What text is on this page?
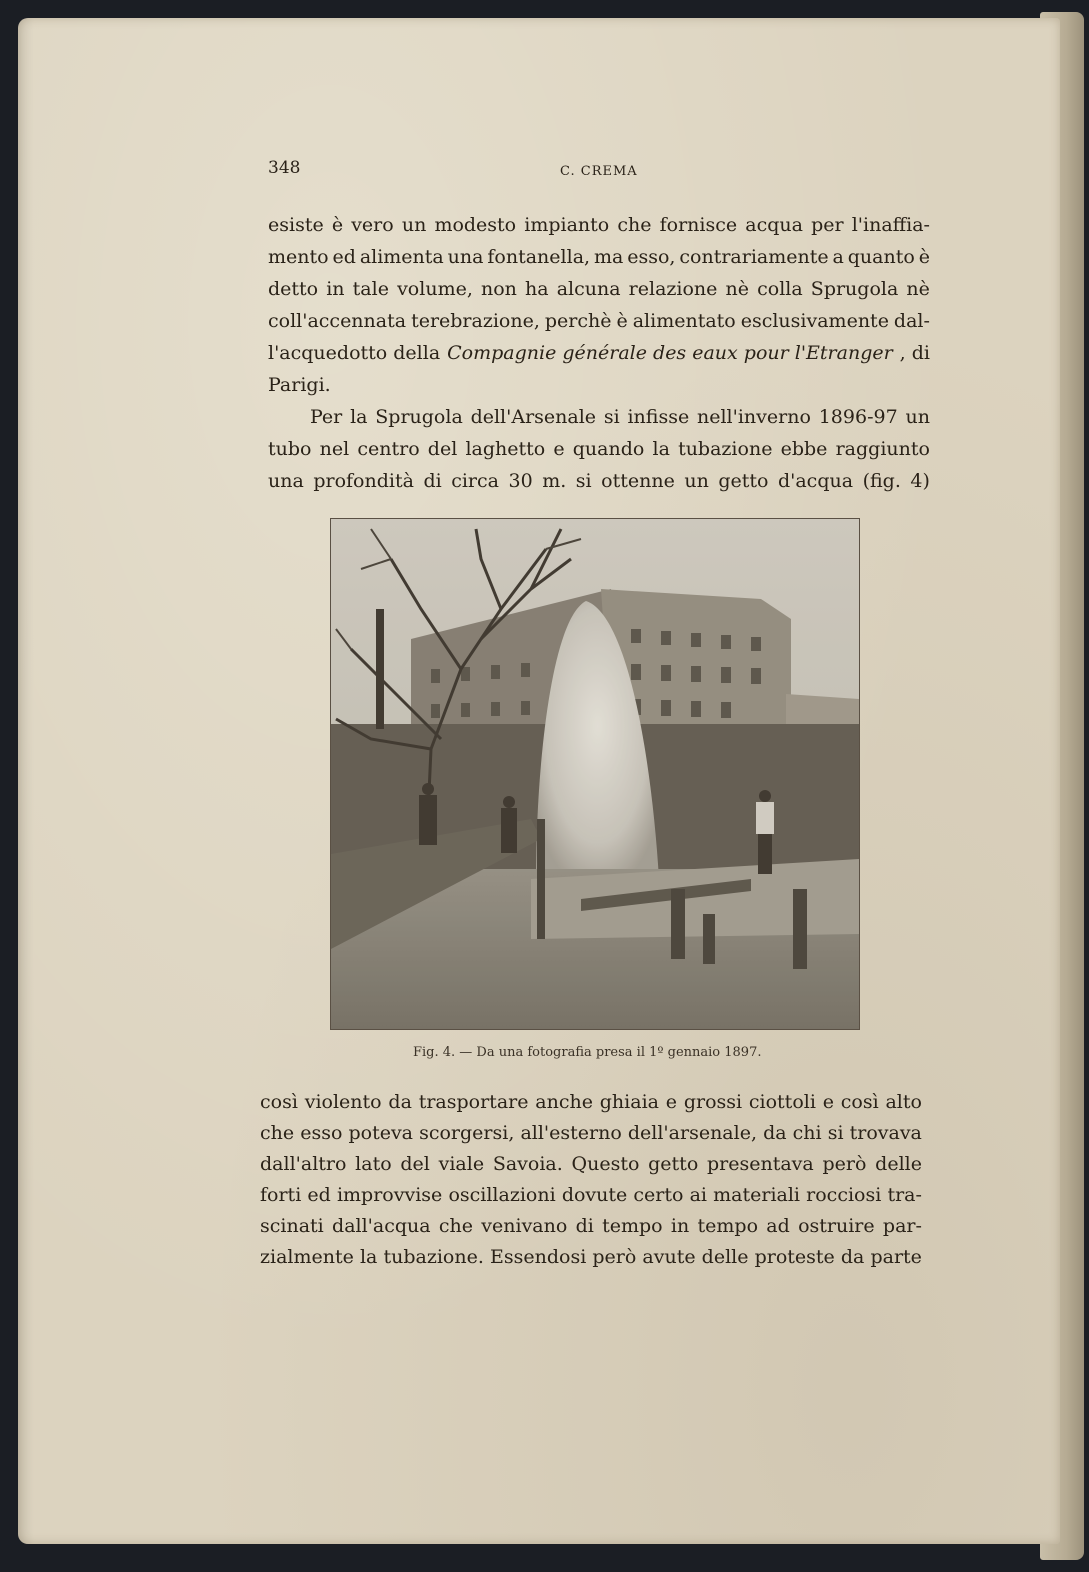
348	C. CREMA

esiste è vero un modesto impianto che fornisce acqua per l'inaffia-
mento ed alimenta una fontanella, ma esso, contrariamente a quanto è
detto in tale volume, non ha alcuna relazione nè colla Sprugola nè
coll'accennata terebrazione, perchè è alimentato esclusivamente dal-
l'acquedotto della Compagnie générale des eaux pour l'Etranger , di
Parigi.
Per la Sprugola dell'Arsenale si infisse nell'inverno 1896-97 un
tubo nel centro del laghetto e quando la tubazione ebbe raggiunto
una profondità di circa 30 m. si ottenne un getto d'acqua (fig. 4)

Fig. 4. — Da una fotografia presa il 1º gennaio 1897.

così violento da trasportare anche ghiaia e grossi ciottoli e così alto
che esso poteva scorgersi, all'esterno dell'arsenale, da chi si trovava
dall'altro lato del viale Savoia. Questo getto presentava però delle
forti ed improvvise oscillazioni dovute certo ai materiali rocciosi tra-
scinati dall'acqua che venivano di tempo in tempo ad ostruire par-
zialmente la tubazione. Essendosi però avute delle proteste da parte
